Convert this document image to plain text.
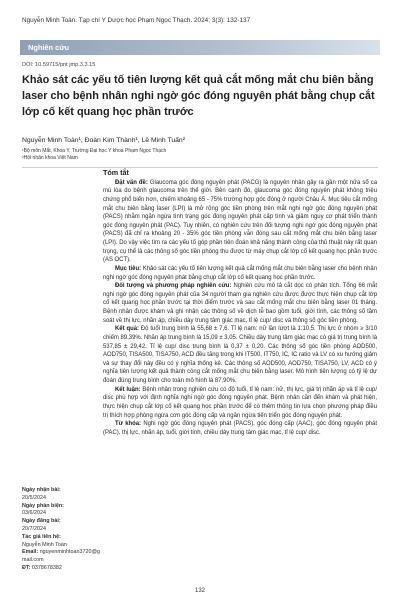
Nguyễn Minh Toàn. Tạp chí Y Dược học Phạm Ngọc Thạch. 2024; 3(3): 132-137
Nghiên cứu
DOI: 10.59715/pnt jmp.3.3.15
Khảo sát các yếu tố tiên lượng kết quả cắt mống mắt chu biên bằng laser cho bệnh nhân nghi ngờ góc đóng nguyên phát bằng chụp cắt lớp cố kết quang học phần trước
Nguyễn Minh Toàn¹, Đoàn Kim Thành¹, Lê Minh Tuấn²
¹Bộ môn Mắt, Khoa Y, Trường Đại học Y khoa Phạm Ngọc Thạch
²Hội nhãn khoa Việt Nam
Tóm tắt

Đặt vấn đề: Glaucoma góc đóng nguyên phát (PACG) là nguyên nhân gây ra gần một nửa số ca mù lòa do bệnh glaucoma trên thế giới. Bên cạnh đó, glaucoma góc đóng nguyên phát không triệu chứng phổ biến hơn, chiếm khoảng 65 - 75% trường hợp góc đóng ở người Châu Á. Mục tiêu cắt mống mắt chu biên bằng laser (LPI) là mở rộng góc tiền phòng trên mắt nghi ngờ góc đóng nguyên phát (PACS) nhằm ngăn ngừa tình trạng góc đóng nguyên phát cấp tính và giảm nguy cơ phát triển thành góc đóng nguyên phát (PAC). Tuy nhiên, có nghiên cứu trên đối tượng nghi ngờ góc đóng nguyên phát (PACS) đã chỉ ra khoảng 20 - 35% góc tiền phòng vẫn đóng sau cắt mống mắt chu biên bằng laser (LPI). Do vậy việc tìm ra các yếu tố góp phần tiên đoán khả năng thành công của thủ thuật này rất quan trọng, cụ thể là các thông số góc tiền phòng thu được từ máy chụp cắt lớp cố kết quang học phần trước (AS OCT).

Mục tiêu: Khảo sát các yếu tố tiên lượng kết quả cắt mống mắt chu biên bằng laser cho bệnh nhân nghi ngờ góc đóng nguyên phát bằng chụp cắt lớp cố kết quang học phần trước.

Đối tượng và phương pháp nghiên cứu: Nghiên cứu mô tả cắt dọc có phân tích. Tổng 66 mắt nghi ngờ góc đóng nguyên phát của 34 người tham gia nghiên cứu được được thực hiện chụp cắt lớp cố kết quang học phần trước tại thời điểm trước và sau cắt mống mắt chu biên bằng laser 01 tháng. Bệnh nhân được khám và ghi nhận các thông số về dịch tễ bao gồm tuổi, giới tính, các thông số tầm soát về thị lực, nhãn áp, chiều dày trung tâm giác mạc, tỉ lệ cup/ disc và thông số góc tiền phòng.

Kết quả: Độ tuổi trung bình là 55,68 ± 7,6. Tỉ lệ nam: nữ lần lượt là 1:10,5. Thị lực ở nhóm ≥ 3/10 chiếm 89,39%. Nhãn áp trung bình là 15,09 ± 3,05. Chiều dày trung tâm giác mạc có giá trị trung bình là 537,85 ± 29,42. Tỉ lệ cup/ disc trung bình là 0,37 ± 0,20. Các thông số góc tiền phòng AOD500, AOD750, TISA500, TISA750, ACD đều tăng trong khi IT500, IT750, IC, IC ratio và LV có xu hướng giảm và sự thay đổi này đều có ý nghĩa thống kê. Các thông số AOD500, AOD750, TISA750, LV, ACD có ý nghĩa tiên lượng kết quả thành công cắt mống mắt chu biên bằng laser. Mô hình tiên lượng có tỷ lệ dự đoán đúng trung bình cho toàn mô hình là 87,90%.

Kết luận: Bệnh nhân trong nghiên cứu có độ tuổi, tỉ lệ nam: nữ, thị lực, giá trị nhãn áp và tỉ lệ cup/ disc phù hợp với định nghĩa nghi ngờ góc đóng nguyên phát. Bệnh nhân cần đến khám và phát hiện, thực hiện chụp cắt lớp cố kết quang học phần trước để có thêm thông tin lựa chọn phương pháp điều trị thích hợp phòng ngừa cơn góc đóng cấp và ngăn ngừa tiến triển góc đóng nguyên phát.

Từ khóa: Nghi ngờ góc đóng nguyên phát (PACS), góc đóng cấp (AAC), góc đóng nguyên phát (PAC), thị lực, nhãn áp, tuổi, giới tính, chiều dày trung tâm giác mạc, tỉ lệ cup/ disc.

Ngày nhận bài:
20/5/2024
Ngày phản biện:
03/6/2024
Ngày đăng bài:
20/7/2024
Tác giả liên hệ:
Nguyễn Minh Toàn
Email: nguyenminhtoan3720@gmail.com
ĐT: 0378678382
132
